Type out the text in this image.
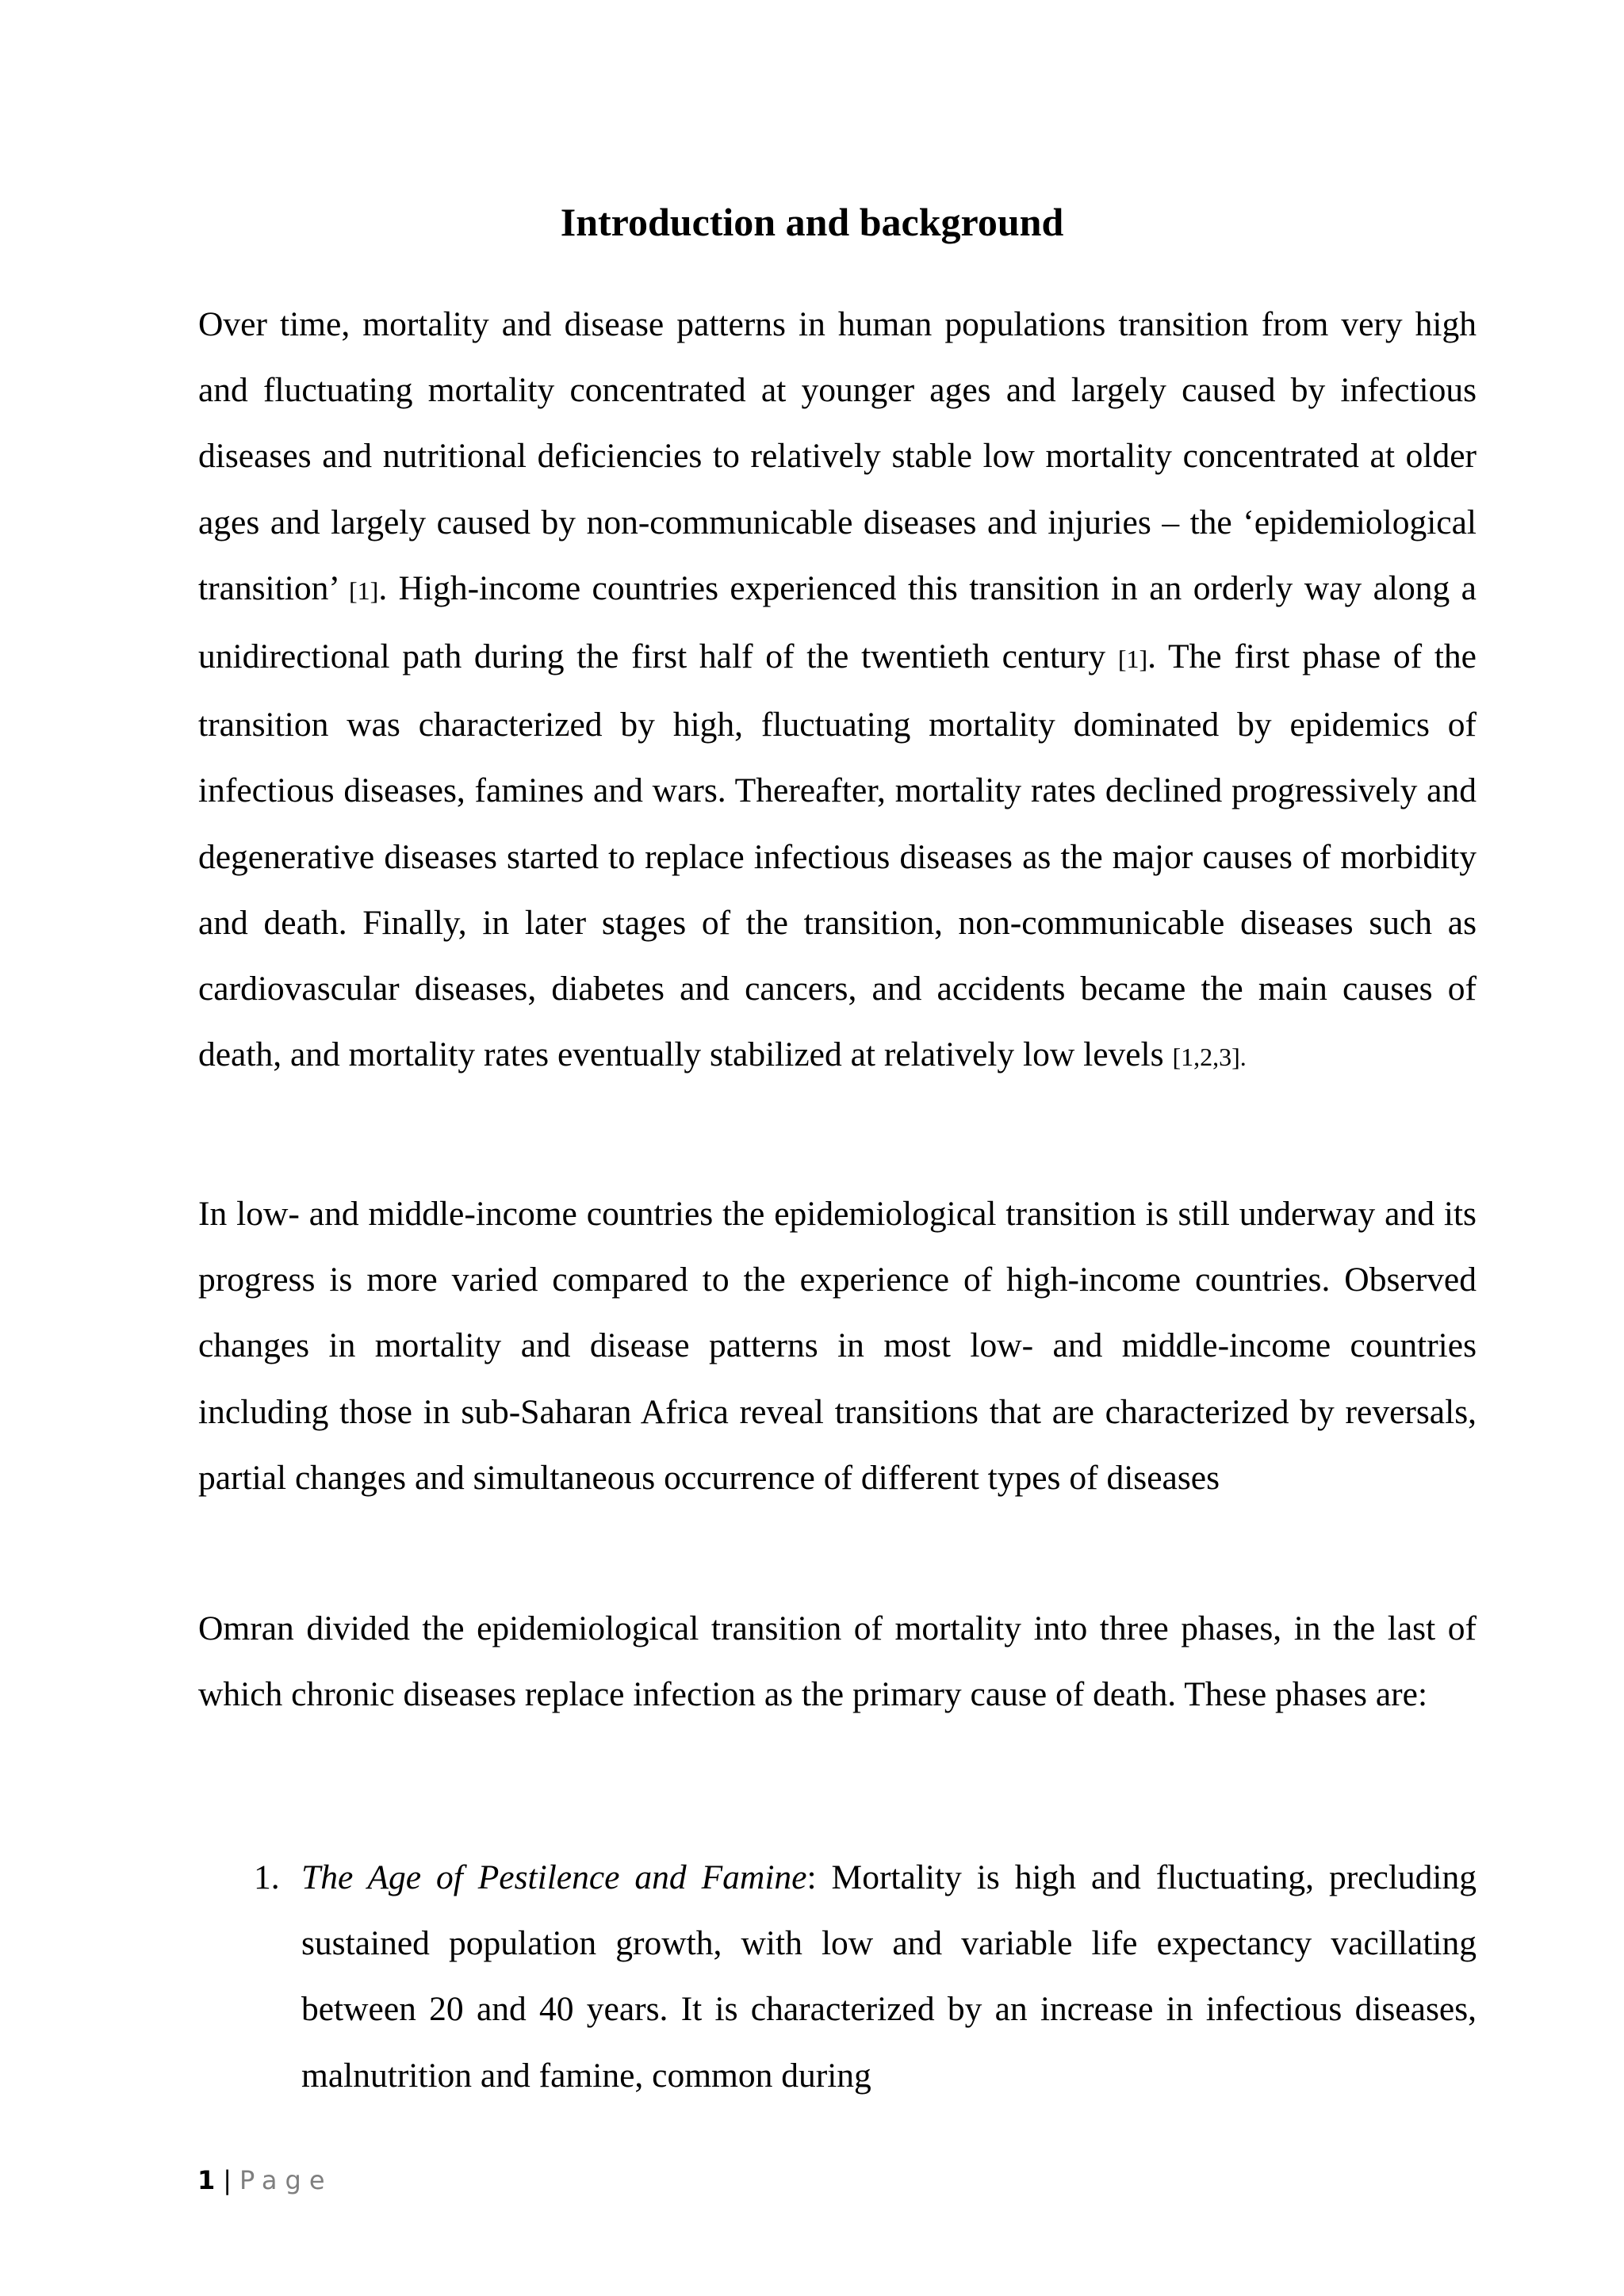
Introduction and background

Over time, mortality and disease patterns in human populations transition from very high and fluctuating mortality concentrated at younger ages and largely caused by infectious diseases and nutritional deficiencies to relatively stable low mortality concentrated at older ages and largely caused by non-communicable diseases and injuries – the ‘epidemiological transition’ [1]. High-income countries experienced this transition in an orderly way along a unidirectional path during the first half of the twentieth century [1]. The first phase of the transition was characterized by high, fluctuating mortality dominated by epidemics of infectious diseases, famines and wars. Thereafter, mortality rates declined progressively and degenerative diseases started to replace infectious diseases as the major causes of morbidity and death. Finally, in later stages of the transition, non-communicable diseases such as cardiovascular diseases, diabetes and cancers, and accidents became the main causes of death, and mortality rates eventually stabilized at relatively low levels [1,2,3].

In low- and middle-income countries the epidemiological transition is still underway and its progress is more varied compared to the experience of high-income countries. Observed changes in mortality and disease patterns in most low- and middle-income countries including those in sub-Saharan Africa reveal transitions that are characterized by reversals, partial changes and simultaneous occurrence of different types of diseases

Omran divided the epidemiological transition of mortality into three phases, in the last of which chronic diseases replace infection as the primary cause of death. These phases are:

1. The Age of Pestilence and Famine: Mortality is high and fluctuating, precluding sustained population growth, with low and variable life expectancy vacillating between 20 and 40 years. It is characterized by an increase in infectious diseases, malnutrition and famine, common during
1 | Page
